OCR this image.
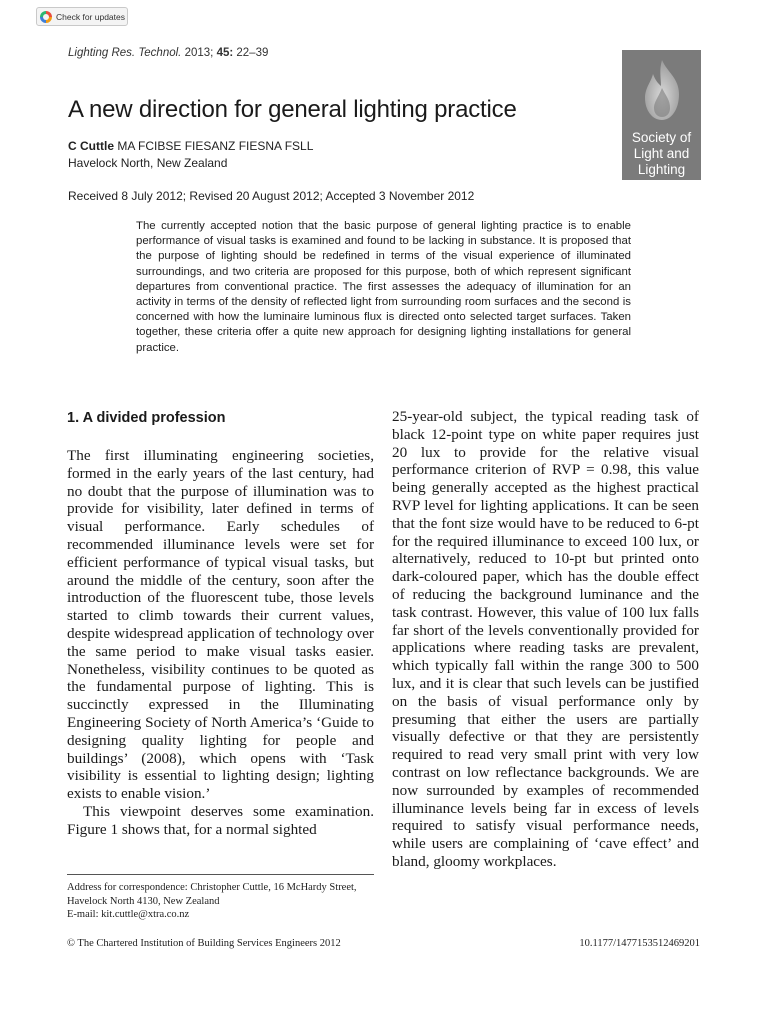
Check for updates
Lighting Res. Technol. 2013; 45: 22–39
Society of
Light and
Lighting
A new direction for general lighting practice
C Cuttle MA FCIBSE FIESANZ FIESNA FSLL
Havelock North, New Zealand
Received 8 July 2012; Revised 20 August 2012; Accepted 3 November 2012

The currently accepted notion that the basic purpose of general lighting practice is to enable performance of visual tasks is examined and found to be lacking in substance. It is proposed that the purpose of lighting should be redefined in terms of the visual experience of illuminated surroundings, and two criteria are proposed for this purpose, both of which represent significant departures from conventional practice. The first assesses the adequacy of illumination for an activity in terms of the density of reflected light from surrounding room surfaces and the second is concerned with how the luminaire luminous flux is directed onto selected target surfaces. Taken together, these criteria offer a quite new approach for designing lighting installations for general practice.

1. A divided profession

The first illuminating engineering societies, formed in the early years of the last century, had no doubt that the purpose of illumination was to provide for visibility, later defined in terms of visual performance. Early schedules of recommended illuminance levels were set for efficient performance of typical visual tasks, but around the middle of the century, soon after the introduction of the fluorescent tube, those levels started to climb towards their current values, despite widespread application of technology over the same period to make visual tasks easier. Nonetheless, visibility continues to be quoted as the fundamental purpose of lighting. This is succinctly expressed in the Illuminating Engineering Society of North America’s ‘Guide to designing quality lighting for people and buildings’ (2008), which opens with ‘Task visibility is essential to lighting design; lighting exists to enable vision.’

This viewpoint deserves some examination. Figure 1 shows that, for a normal sighted

25-year-old subject, the typical reading task of black 12-point type on white paper requires just 20 lux to provide for the relative visual performance criterion of RVP = 0.98, this value being generally accepted as the highest practical RVP level for lighting applications. It can be seen that the font size would have to be reduced to 6-pt for the required illuminance to exceed 100 lux, or alternatively, reduced to 10-pt but printed onto dark-coloured paper, which has the double effect of reducing the background luminance and the task contrast. However, this value of 100 lux falls far short of the levels conventionally provided for applications where reading tasks are prevalent, which typically fall within the range 300 to 500 lux, and it is clear that such levels can be justified on the basis of visual performance only by presuming that either the users are partially visually defective or that they are persistently required to read very small print with very low contrast on low reflectance backgrounds. We are now surrounded by examples of recommended illuminance levels being far in excess of levels required to satisfy visual performance needs, while users are complaining of ‘cave effect’ and bland, gloomy workplaces.

Address for correspondence: Christopher Cuttle, 16 McHardy Street, Havelock North 4130, New Zealand
E-mail: kit.cuttle@xtra.co.nz
© The Chartered Institution of Building Services Engineers 2012	10.1177/1477153512469201
